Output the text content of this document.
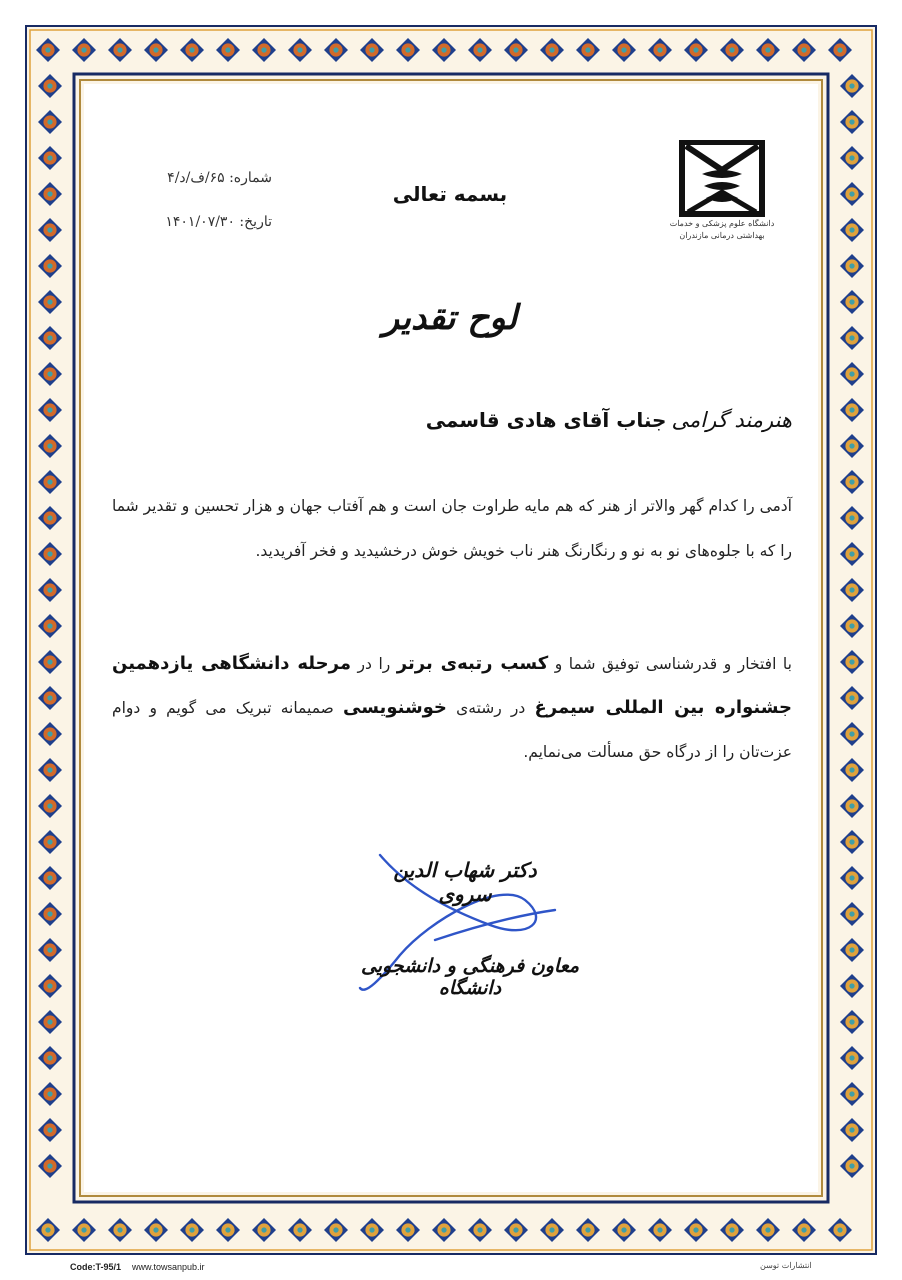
دانشگاه علوم پزشکی و خدمات بهداشتی درمانی مازندران
بسمه تعالی
شماره: ۶۵/ف/د/۴
تاریخ: ۱۴۰۱/۰۷/۳۰
لوح تقدیر
هنرمند گرامی جناب آقای هادی قاسمی
آدمی را کدام گهر والاتر از هنر که هم مایه طراوت جان است و هم آفتاب جهان و هزار تحسین و تقدیر شما را که با جلوه‌های نو به نو و رنگارنگ هنر ناب خویش خوش درخشیدید و فخر آفریدید.
با افتخار و قدرشناسی توفیق شما و کسب رتبه‌ی برتر را در مرحله دانشگاهی یازدهمین جشنواره بین المللی سیمرغ در رشته‌ی خوشنویسی صمیمانه تبریک می گویم و دوام عزت‌تان را از درگاه حق مسألت می‌نمایم.
دکتر شهاب الدین سروی
معاون فرهنگی و دانشجویی دانشگاه
Code:T-95/1 www.towsanpub.ir	انتشارات توسن
